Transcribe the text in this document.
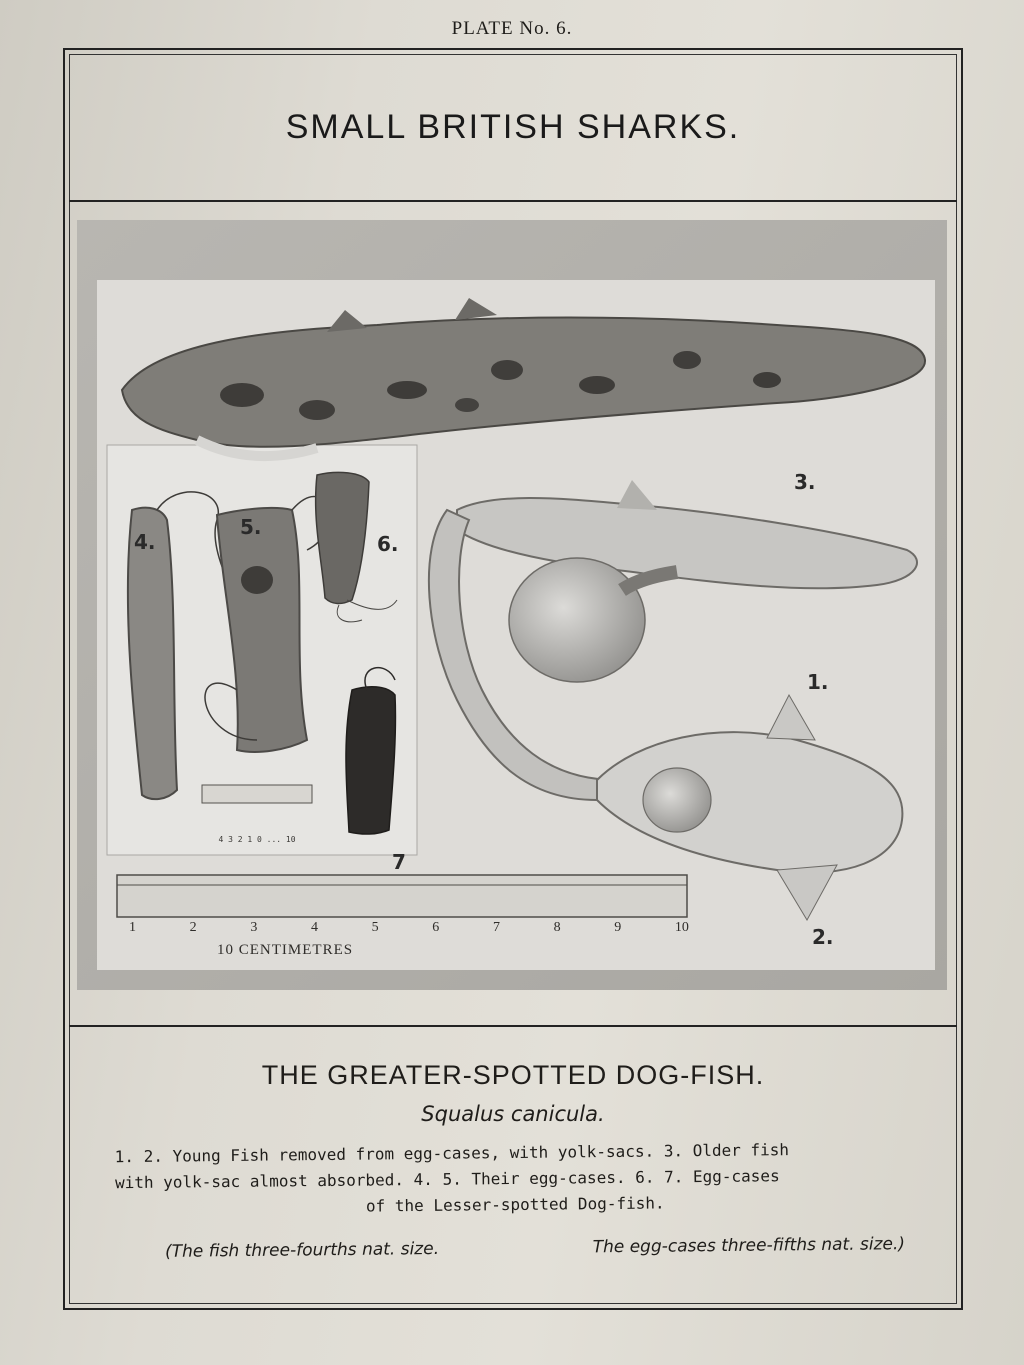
PLATE No. 6.
SMALL BRITISH SHARKS.
3.
4.
5.
6.
1.
7
2.
4 3 2 1 0 ... 10
1	2	3	4	5	6	7	8	9	10
10 CENTIMETRES
THE GREATER-SPOTTED DOG-FISH.
Squalus canicula.
1. 2. Young Fish removed from egg-cases, with yolk-sacs. 3. Older fish
with yolk-sac almost absorbed. 4. 5. Their egg-cases. 6. 7. Egg-cases
of the Lesser-spotted Dog-fish.
(The fish three-fourths nat. size.	The egg-cases three-fifths nat. size.)
